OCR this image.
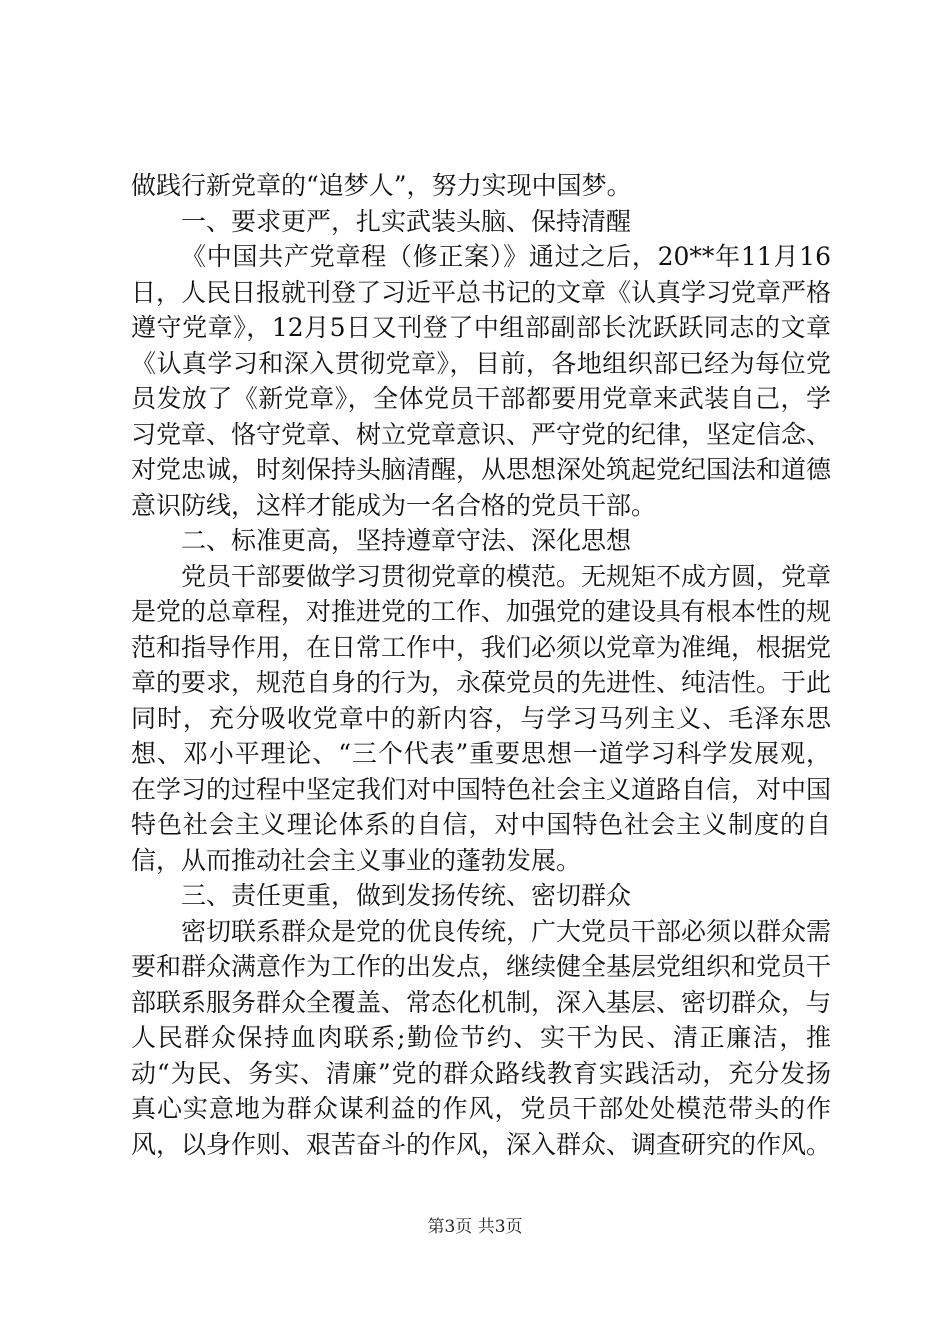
做践行新党章的“追梦人”，努力实现中国梦。

一、要求更严，扎实武装头脑、保持清醒

《中国共产党章程（修正案）》通过之后，20**年11月16日，人民日报就刊登了习近平总书记的文章《认真学习党章严格遵守党章》，12月5日又刊登了中组部副部长沈跃跃同志的文章《认真学习和深入贯彻党章》，目前，各地组织部已经为每位党员发放了《新党章》，全体党员干部都要用党章来武装自己，学习党章、恪守党章、树立党章意识、严守党的纪律，坚定信念、对党忠诚，时刻保持头脑清醒，从思想深处筑起党纪国法和道德意识防线，这样才能成为一名合格的党员干部。

二、标准更高，坚持遵章守法、深化思想

党员干部要做学习贯彻党章的模范。无规矩不成方圆，党章是党的总章程，对推进党的工作、加强党的建设具有根本性的规范和指导作用，在日常工作中，我们必须以党章为准绳，根据党章的要求，规范自身的行为，永葆党员的先进性、纯洁性。于此同时，充分吸收党章中的新内容，与学习马列主义、毛泽东思想、邓小平理论、“三个代表”重要思想一道学习科学发展观，在学习的过程中坚定我们对中国特色社会主义道路自信，对中国特色社会主义理论体系的自信，对中国特色社会主义制度的自信，从而推动社会主义事业的蓬勃发展。

三、责任更重，做到发扬传统、密切群众

密切联系群众是党的优良传统，广大党员干部必须以群众需要和群众满意作为工作的出发点，继续健全基层党组织和党员干部联系服务群众全覆盖、常态化机制，深入基层、密切群众，与人民群众保持血肉联系;勤俭节约、实干为民、清正廉洁，推动“为民、务实、清廉”党的群众路线教育实践活动，充分发扬真心实意地为群众谋利益的作风，党员干部处处模范带头的作风，以身作则、艰苦奋斗的作风，深入群众、调查研究的作风。

第3页 共3页
